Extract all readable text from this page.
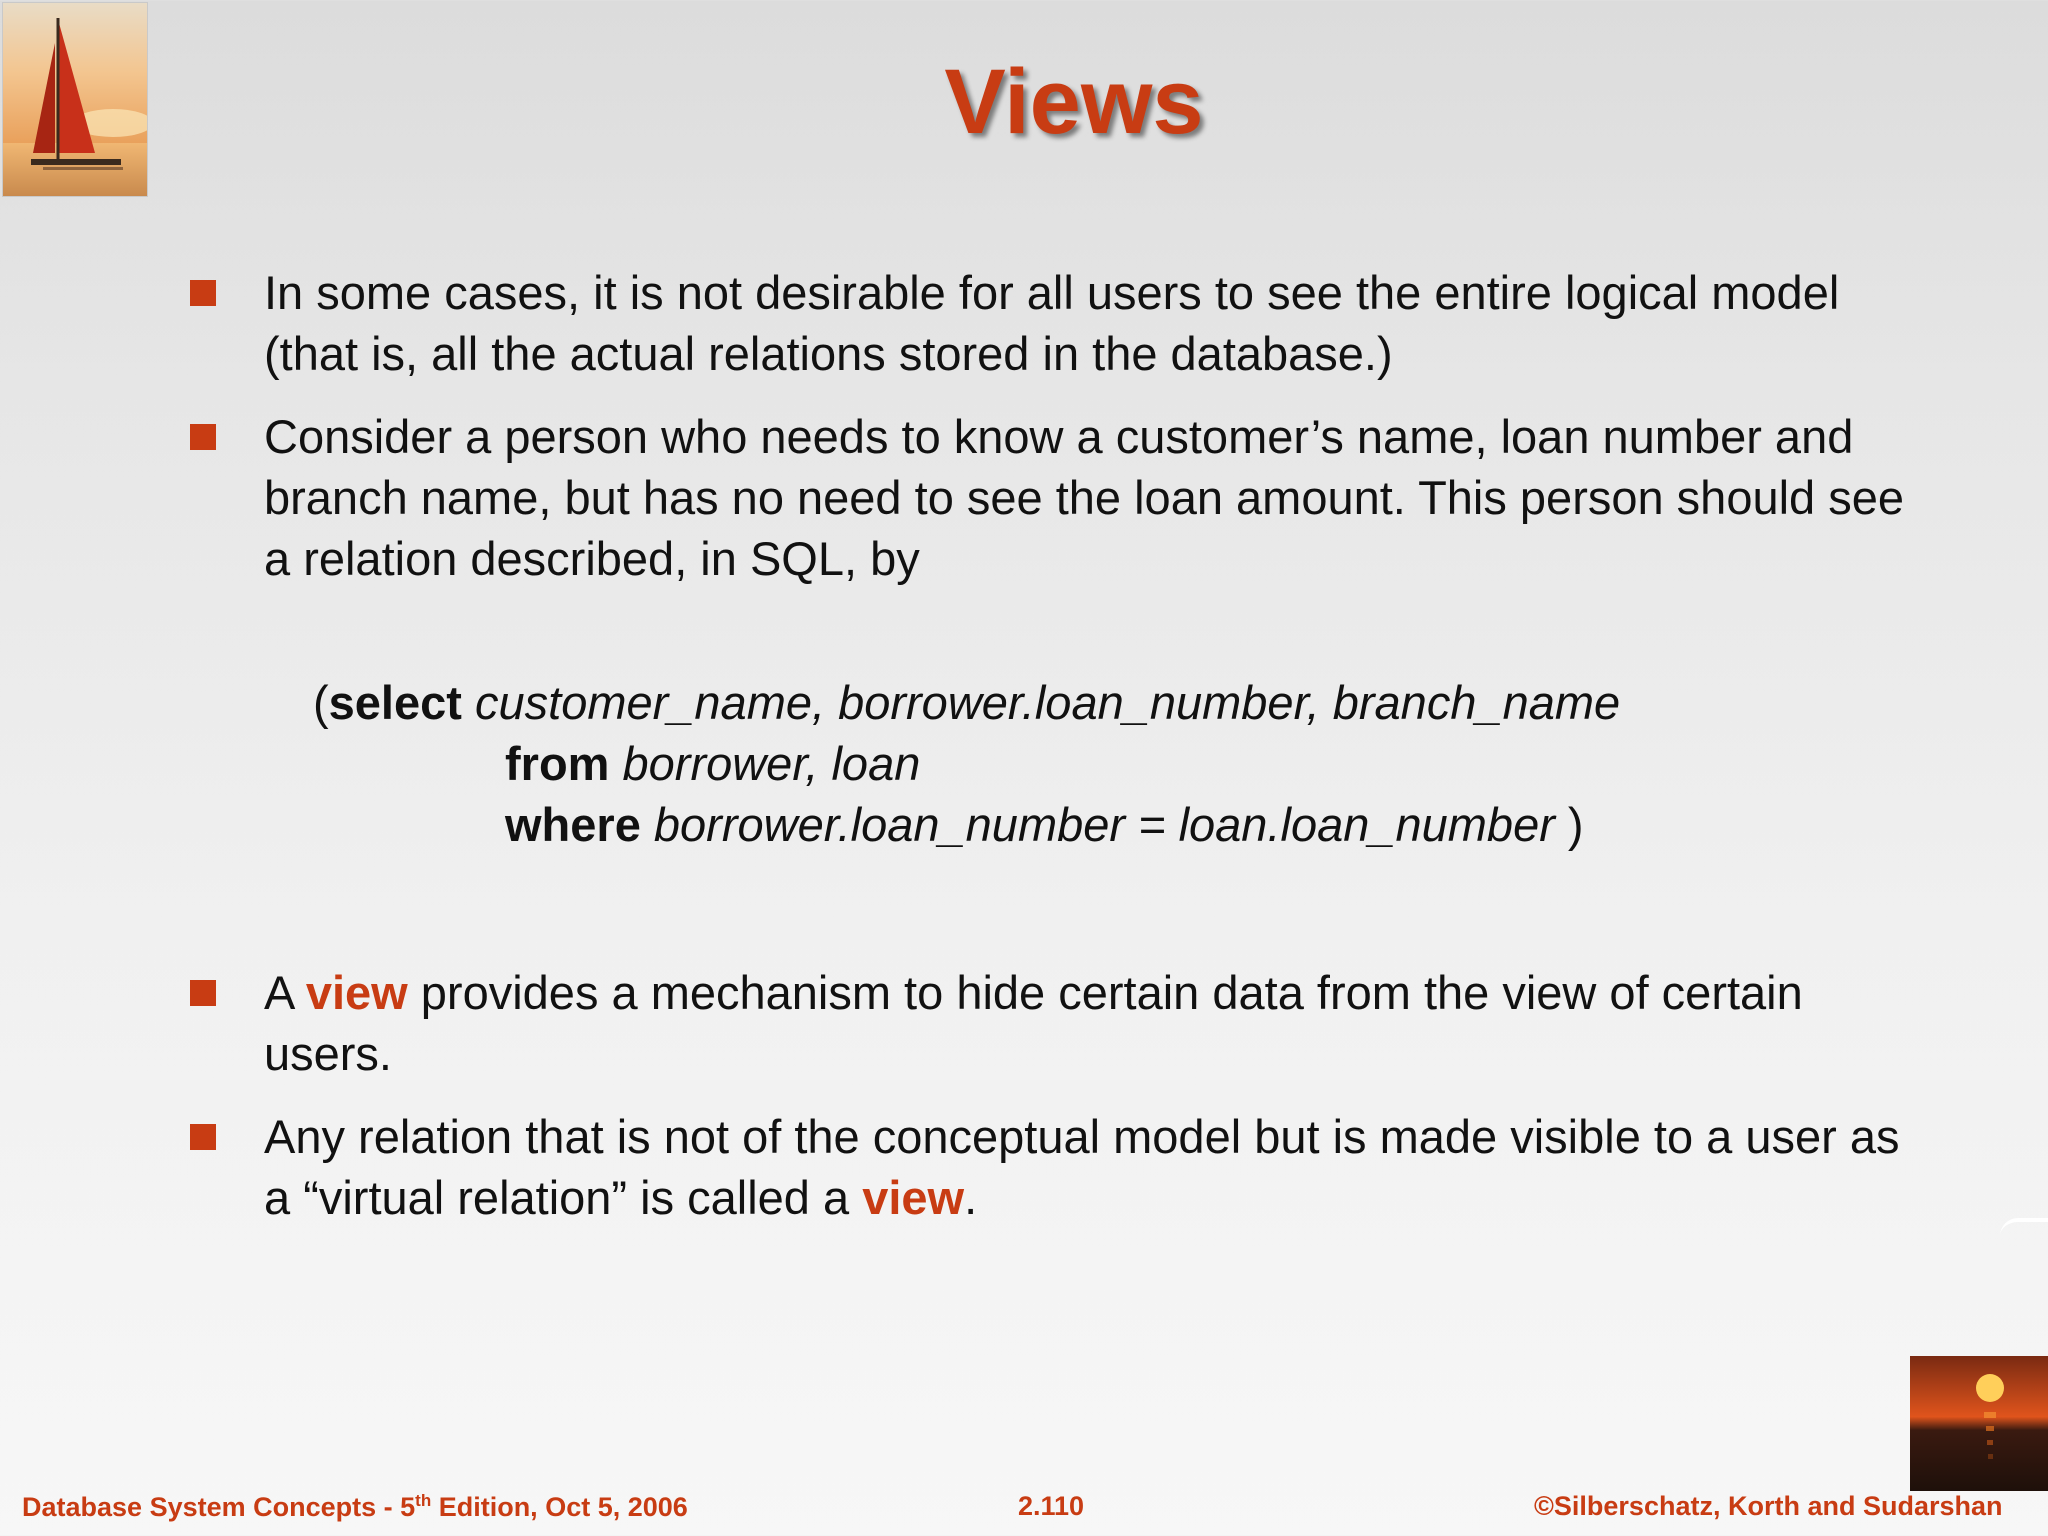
Views
In some cases, it is not desirable for all users to see the entire logical model (that is, all the actual relations stored in the database.)
Consider a person who needs to know a customer’s name, loan number and branch name, but has no need to see the loan amount. This person should see a relation described, in SQL, by
(select customer_name, borrower.loan_number, branch_name
from borrower, loan
where borrower.loan_number = loan.loan_number )
A view provides a mechanism to hide certain data from the view of certain users.
Any relation that is not of the conceptual model but is made visible to a user as a “virtual relation” is called a view.
Database System Concepts - 5th Edition, Oct 5, 2006	2.110	©Silberschatz, Korth and Sudarshan
